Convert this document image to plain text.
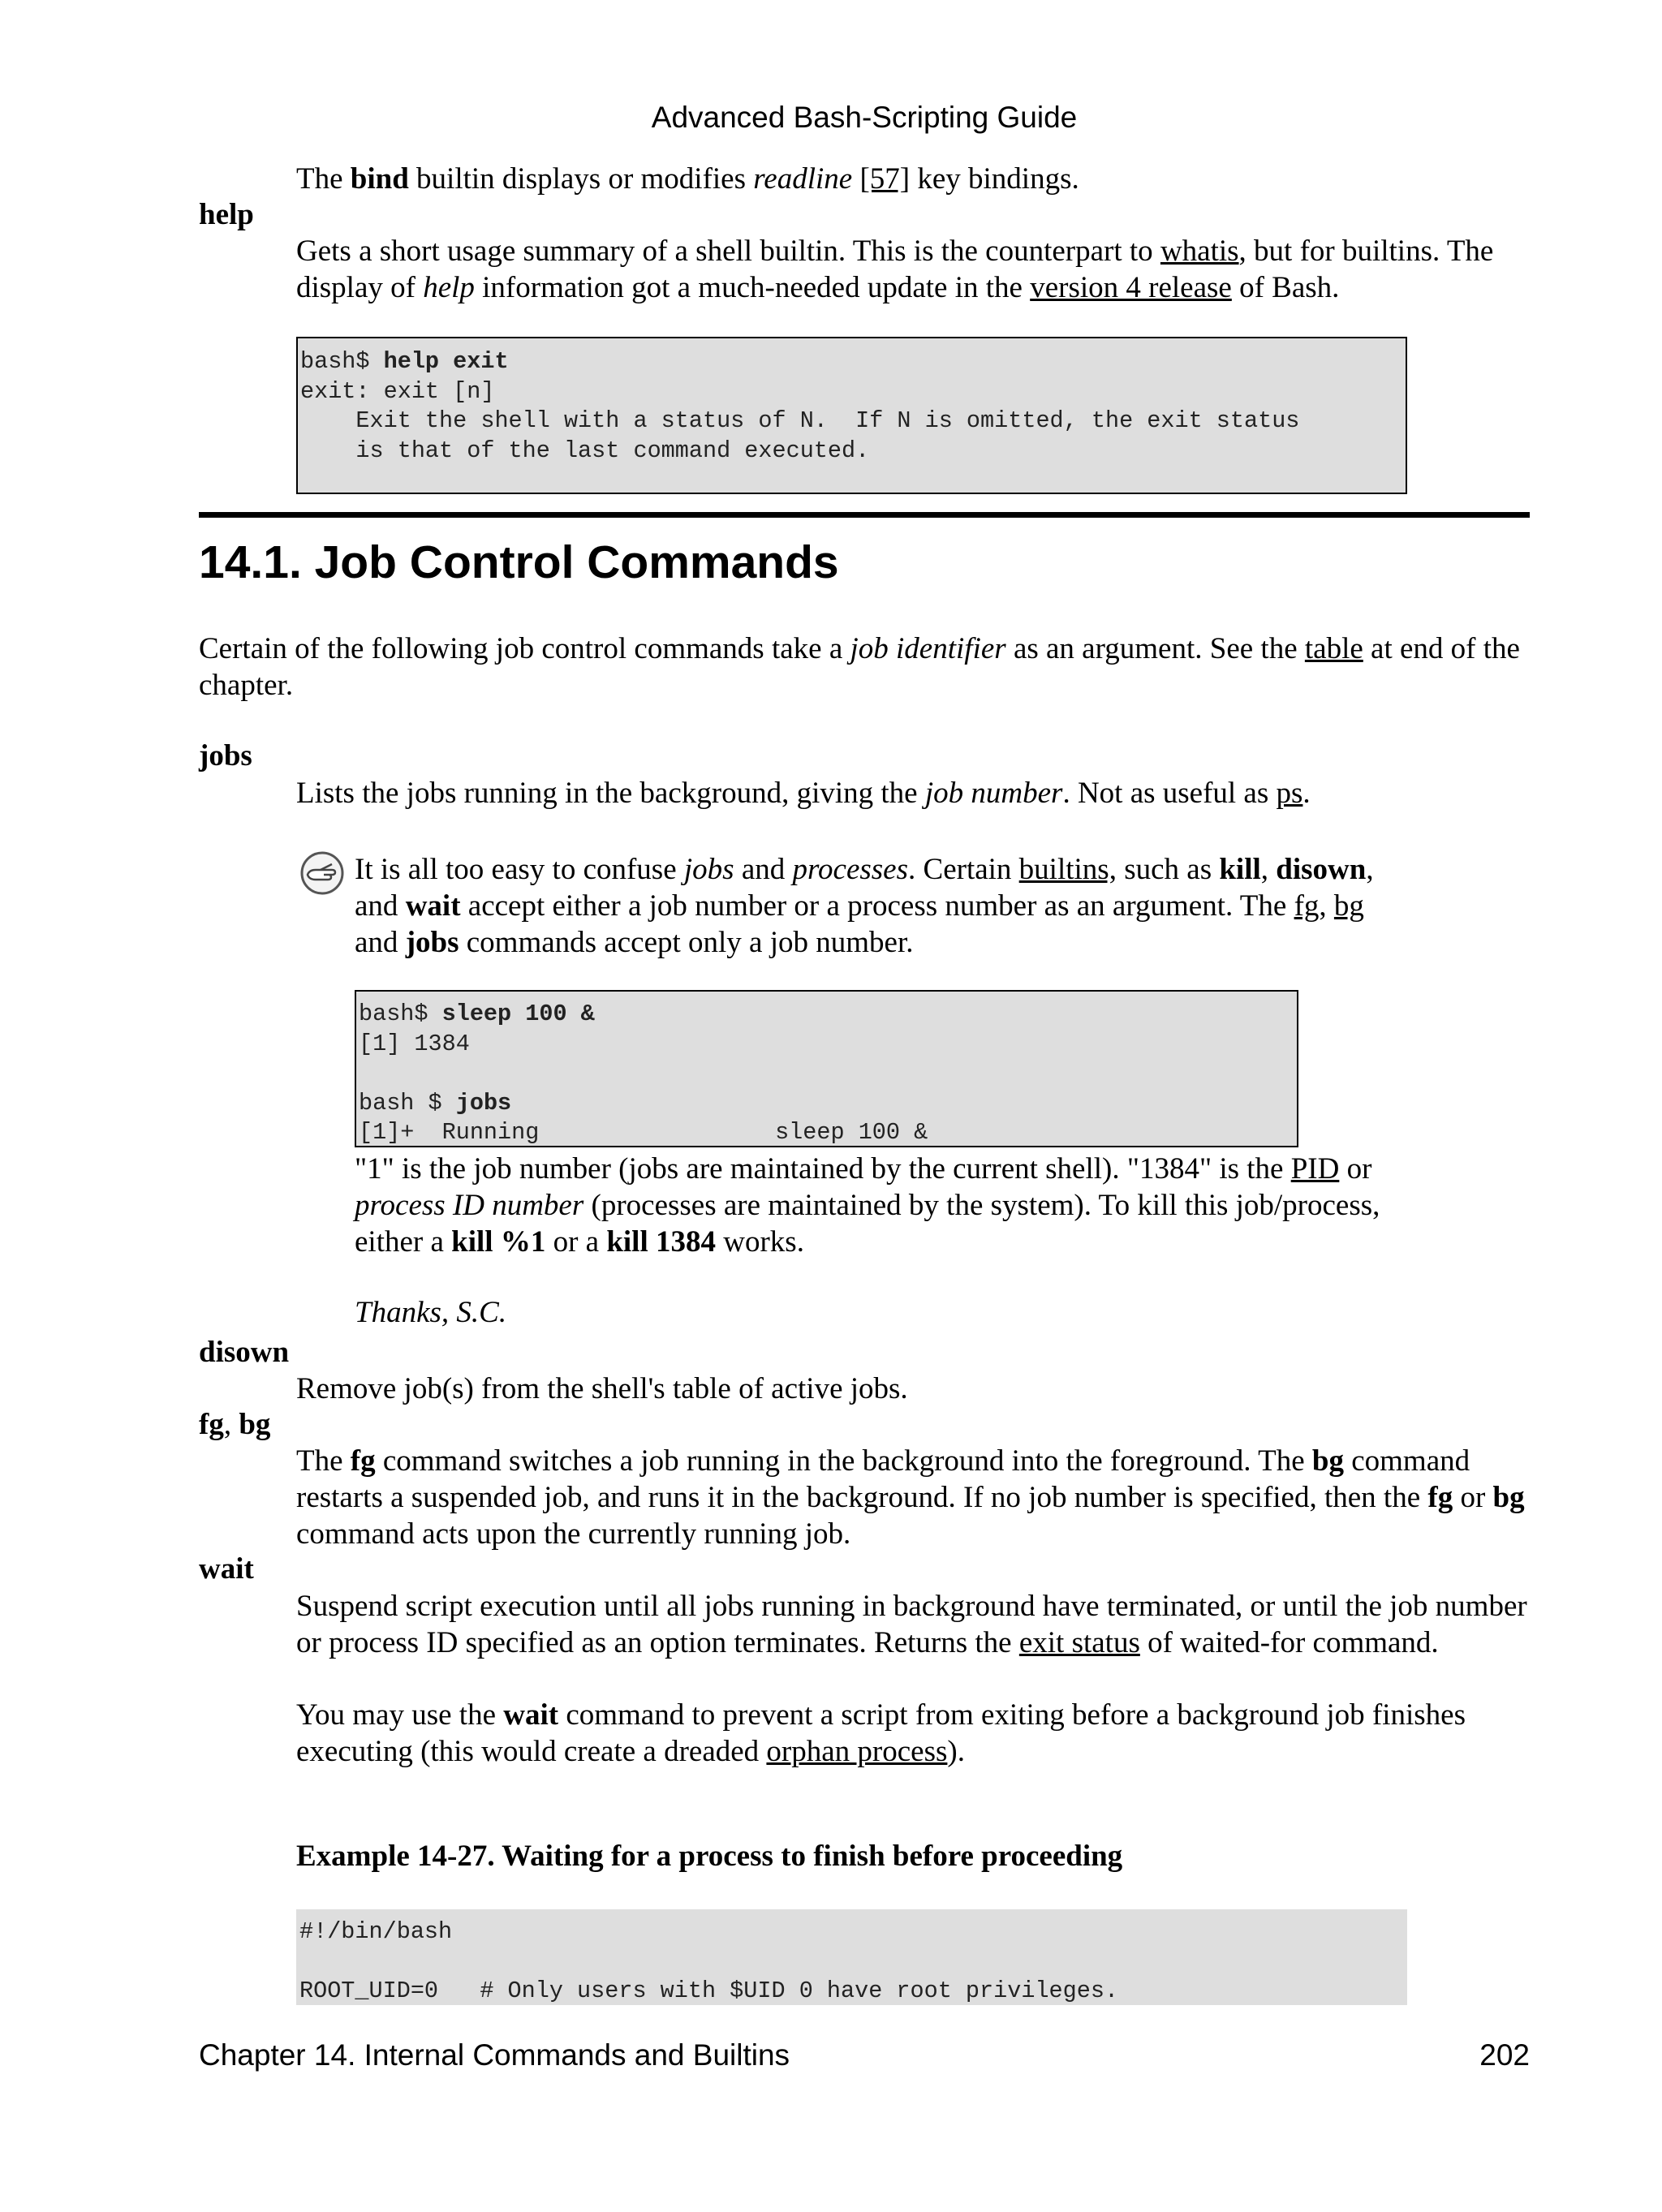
Advanced Bash-Scripting Guide
The bind builtin displays or modifies readline [57] key bindings.
help
Gets a short usage summary of a shell builtin. This is the counterpart to whatis, but for builtins. The
display of help information got a much-needed update in the version 4 release of Bash.
bash$ help exit
exit: exit [n]
Exit the shell with a status of N.  If N is omitted, the exit status
is that of the last command executed.
14.1. Job Control Commands
Certain of the following job control commands take a job identifier as an argument. See the table at end of the
chapter.
jobs
Lists the jobs running in the background, giving the job number. Not as useful as ps.
It is all too easy to confuse jobs and processes. Certain builtins, such as kill, disown,
and wait accept either a job number or a process number as an argument. The fg, bg
and jobs commands accept only a job number.
bash$ sleep 100 &
[1] 1384

bash $ jobs
[1]+  Running                 sleep 100 &
"1" is the job number (jobs are maintained by the current shell). "1384" is the PID or
process ID number (processes are maintained by the system). To kill this job/process,
either a kill %1 or a kill 1384 works.
Thanks, S.C.
disown
Remove job(s) from the shell's table of active jobs.
fg, bg
The fg command switches a job running in the background into the foreground. The bg command
restarts a suspended job, and runs it in the background. If no job number is specified, then the fg or bg
command acts upon the currently running job.
wait
Suspend script execution until all jobs running in background have terminated, or until the job number
or process ID specified as an option terminates. Returns the exit status of waited-for command.
You may use the wait command to prevent a script from exiting before a background job finishes
executing (this would create a dreaded orphan process).
Example 14-27. Waiting for a process to finish before proceeding
#!/bin/bash

ROOT_UID=0   # Only users with $UID 0 have root privileges.
Chapter 14. Internal Commands and Builtins	202
